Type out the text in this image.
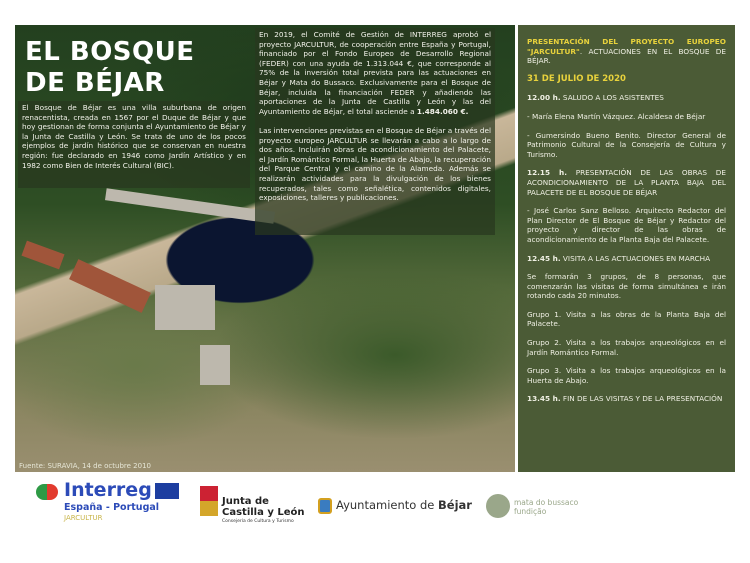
EL BOSQUE
DE BÉJAR
El Bosque de Béjar es una villa suburbana de origen renacentista, creada en 1567 por el Duque de Béjar y que hoy gestionan de forma conjunta el Ayuntamiento de Béjar y la Junta de Castilla y León. Se trata de uno de los pocos ejemplos de jardín histórico que se conservan en nuestra región: fue declarado en 1946 como Jardín Artístico y en 1982 como Bien de Interés Cultural (BIC).

En 2019, el Comité de Gestión de INTERREG aprobó el proyecto JARCULTUR, de cooperación entre España y Portugal, financiado por el Fondo Europeo de Desarrollo Regional (FEDER) con una ayuda de 1.313.044 €, que corresponde al 75% de la inversión total prevista para las actuaciones en Béjar y Mata do Bussaco. Exclusivamente para el Bosque de Béjar, incluida la financiación FEDER y añadiendo las aportaciones de la Junta de Castilla y León y las del Ayuntamiento de Béjar, el total asciende a 1.484.060 €.

Las intervenciones previstas en el Bosque de Béjar a través del proyecto europeo JARCULTUR se llevarán a cabo a lo largo de dos años. Incluirán obras de acondicionamiento del Palacete, el Jardín Romántico Formal, la Huerta de Abajo, la recuperación del Parque Central y el camino de la Alameda. Además se realizarán actividades para la divulgación de los bienes recuperados, tales como señalética, contenidos digitales, exposiciones, talleres y publicaciones.

Fuente: SURAVIA, 14 de octubre 2010

PRESENTACIÓN DEL PROYECTO EUROPEO "JARCULTUR". ACTUACIONES EN EL BOSQUE DE BÉJAR.

31 DE JULIO DE 2020

12.00 h. SALUDO A LOS ASISTENTES

- María Elena Martín Vázquez. Alcaldesa de Béjar

- Gumersindo Bueno Benito. Director General de Patrimonio Cultural de la Consejería de Cultura y Turismo.

12.15 h. PRESENTACIÓN DE LAS OBRAS DE ACONDICIONAMIENTO DE LA PLANTA BAJA DEL PALACETE DE EL BOSQUE DE BÉJAR

- José Carlos Sanz Belloso. Arquitecto Redactor del Plan Director de El Bosque de Béjar y Redactor del proyecto y director de las obras de acondicionamiento de la Planta Baja del Palacete.

12.45 h. VISITA A LAS ACTUACIONES EN MARCHA

Se formarán 3 grupos, de 8 personas, que comenzarán las visitas de forma simultánea e irán rotando cada 20 minutos.

Grupo 1. Visita a las obras de la Planta Baja del Palacete.

Grupo 2. Visita a los trabajos arqueológicos en el Jardín Romántico Formal.

Grupo 3. Visita a los trabajos arqueológicos en la Huerta de Abajo.

13.45 h. FIN DE LAS VISITAS Y DE LA PRESENTACIÓN

Interreg
España - Portugal
JARCULTUR
Junta de
Castilla y León
Consejería de Cultura y Turismo
Ayuntamiento de Béjar	mata do bussaco
fundição
